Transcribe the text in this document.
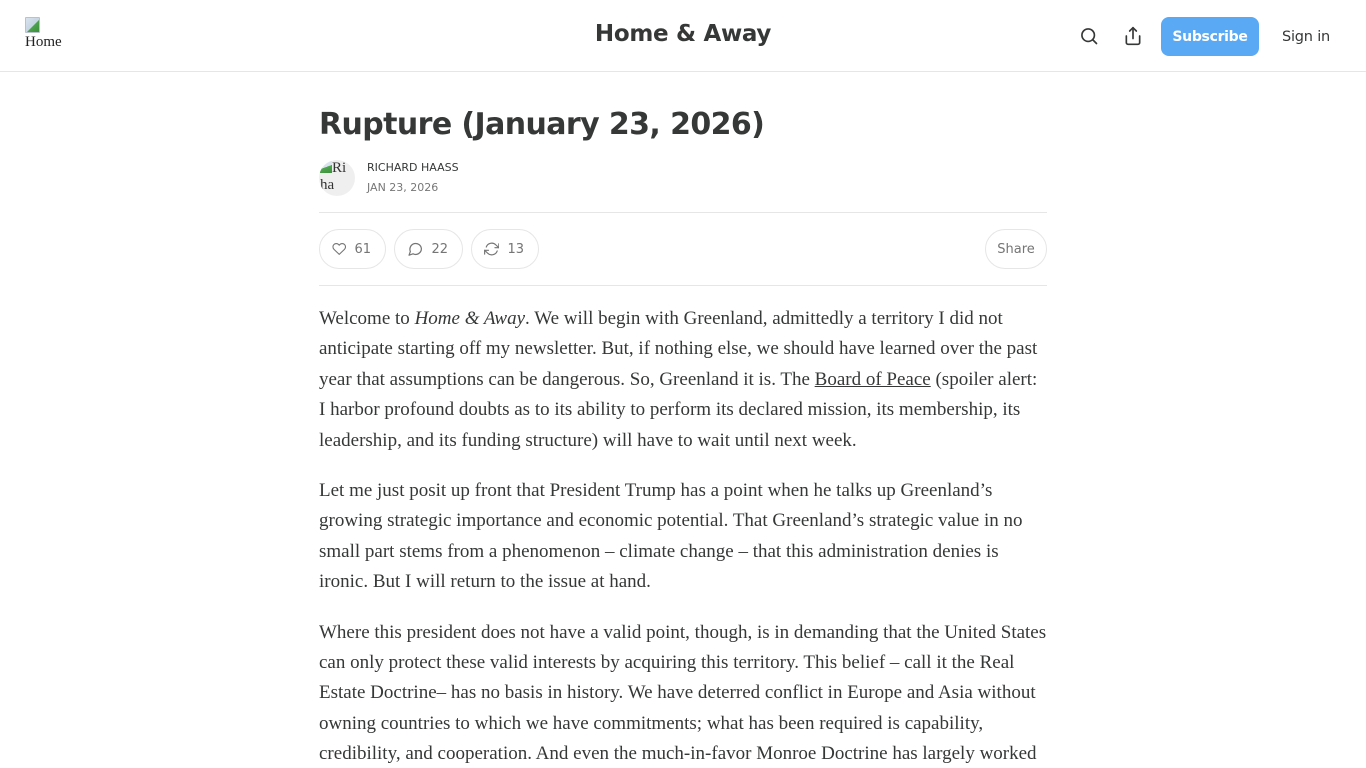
Home	Home & Away	Subscribe	Sign in
Rupture (January 23, 2026)
Ri ha
RICHARD HAASS
JAN 23, 2026
61	22	13	Share

Welcome to Home & Away. We will begin with Greenland, admittedly a territory I did not anticipate starting off my newsletter. But, if nothing else, we should have learned over the past year that assumptions can be dangerous. So, Greenland it is. The Board of Peace (spoiler alert: I harbor profound doubts as to its ability to perform its declared mission, its membership, its leadership, and its funding structure) will have to wait until next week.

Let me just posit up front that President Trump has a point when he talks up Greenland’s growing strategic importance and economic potential. That Greenland’s strategic value in no small part stems from a phenomenon – climate change – that this administration denies is ironic. But I will return to the issue at hand.

Where this president does not have a valid point, though, is in demanding that the United States can only protect these valid interests by acquiring this territory. This belief – call it the Real Estate Doctrine– has no basis in history. We have deterred conflict in Europe and Asia without owning countries to which we have commitments; what has been required is capability, credibility, and cooperation. And even the much-in-favor Monroe Doctrine has largely worked
